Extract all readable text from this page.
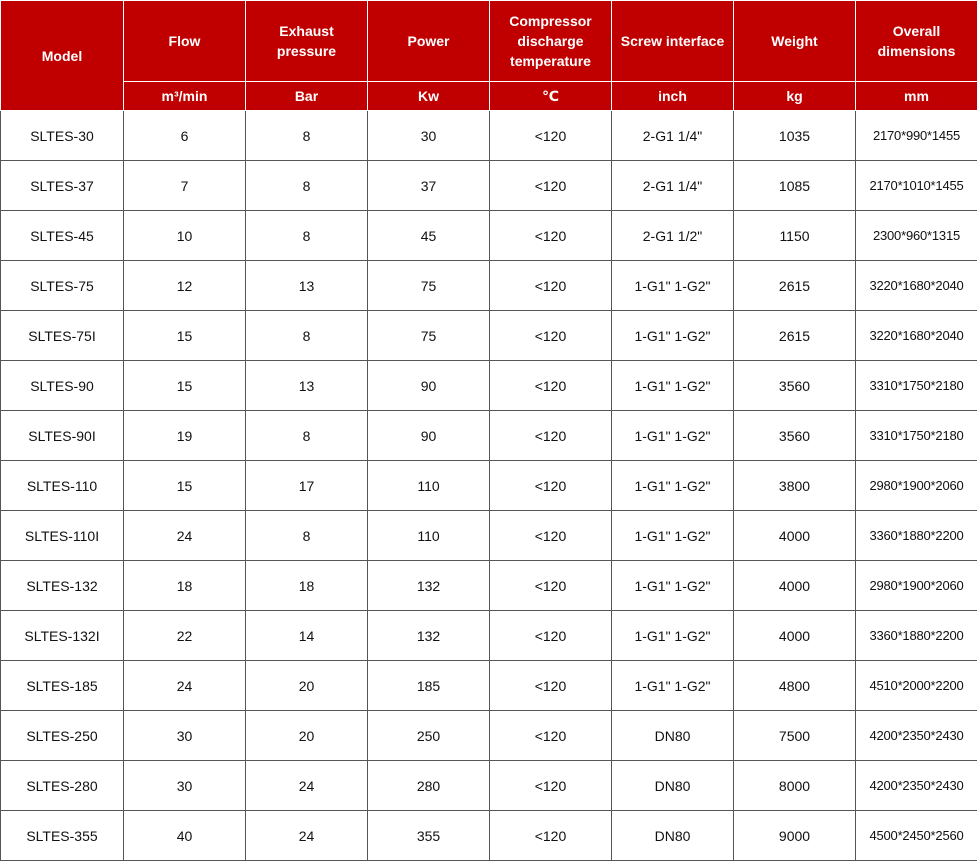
Model	Flow	Exhaust pressure	Power	Compressor discharge temperature	Screw interface	Weight	Overall dimensions
	m³/min	Bar	Kw	℃	inch	kg	mm
SLTES-30	6	8	30	<120	2-G1 1/4"	1035	2170*990*1455
SLTES-37	7	8	37	<120	2-G1 1/4"	1085	2170*1010*1455
SLTES-45	10	8	45	<120	2-G1 1/2"	1150	2300*960*1315
SLTES-75	12	13	75	<120	1-G1" 1-G2"	2615	3220*1680*2040
SLTES-75I	15	8	75	<120	1-G1" 1-G2"	2615	3220*1680*2040
SLTES-90	15	13	90	<120	1-G1" 1-G2"	3560	3310*1750*2180
SLTES-90I	19	8	90	<120	1-G1" 1-G2"	3560	3310*1750*2180
SLTES-110	15	17	110	<120	1-G1" 1-G2"	3800	2980*1900*2060
SLTES-110I	24	8	110	<120	1-G1" 1-G2"	4000	3360*1880*2200
SLTES-132	18	18	132	<120	1-G1" 1-G2"	4000	2980*1900*2060
SLTES-132I	22	14	132	<120	1-G1" 1-G2"	4000	3360*1880*2200
SLTES-185	24	20	185	<120	1-G1" 1-G2"	4800	4510*2000*2200
SLTES-250	30	20	250	<120	DN80	7500	4200*2350*2430
SLTES-280	30	24	280	<120	DN80	8000	4200*2350*2430
SLTES-355	40	24	355	<120	DN80	9000	4500*2450*2560
